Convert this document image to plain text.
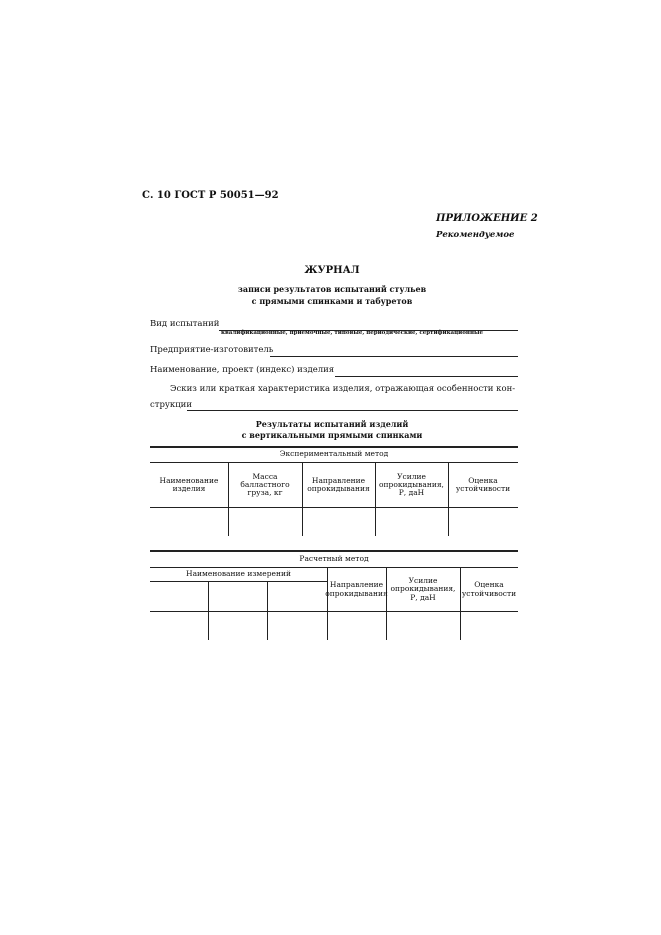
С. 10 ГОСТ Р 50051—92
ПРИЛОЖЕНИЕ 2
Рекомендуемое
ЖУРНАЛ
записи результатов испытаний стульев
с прямыми спинками и табуретов
Вид испытаний
квалификационные, приемочные, типовые, периодические, сертификационные
Предприятие-изготовитель
Наименование, проект (индекс) изделия
Эскиз или краткая характеристика изделия, отражающая особенности кон-
струкции
Результаты испытаний изделий
с вертикальными прямыми спинками
Экспериментальный метод
Наименование
изделия
Масса
балластного
груза, кг
Направление
опрокидывания
Усилие
опрокидывания,
Р, даН
Оценка
устойчивости
Расчетный метод
Наименование измерений
Направление
опрокидывания
Усилие
опрокидывания,
Р, даН
Оценка
устойчивости
